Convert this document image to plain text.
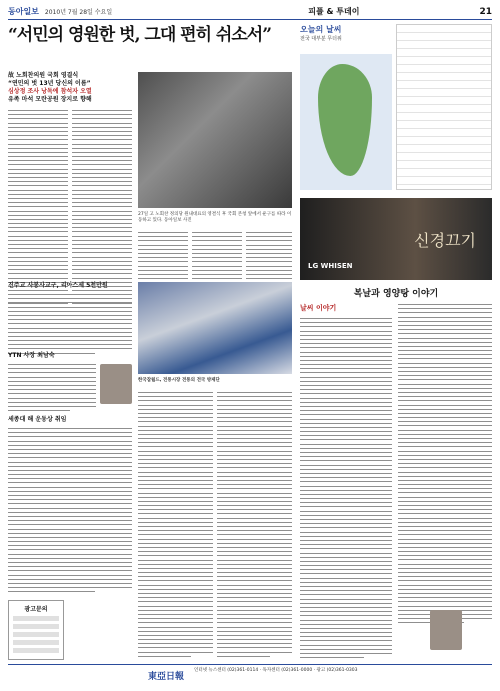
동아일보 2010년 7월 28일 수요일	피플 & 투데이	21
“서민의 영원한 벗, 그대 편히 쉬소서”
故 노회찬의원 국회 영결식
“연민의 벗 13년 당신의 이름”
심상정 조사 낭독에 참석자 오열
유족 마석 모란공원 장지로 향해
27일 고 노회찬 정의당 원내대표의 영결식 후 국회 본청 앞에서 운구를 따라 이동하고 있다. 동아일보 사진
오늘의 날씨
전국 대부분 무더위
신경끄기
LG WHISEN
진주교 사봉사교구, 리아스세 5천만원
한국잡월드, 전통시장 전통의 전국 방제단
YTN 사장 최남숙
세종대 해 운동상 취임
복날과 영양탕 이야기
날씨 이야기
광고문의
東亞日報
인터넷 뉴스센터 (02)361-0114 · 독자센터 (02)361-0000 · 광고 (02)361-0303
